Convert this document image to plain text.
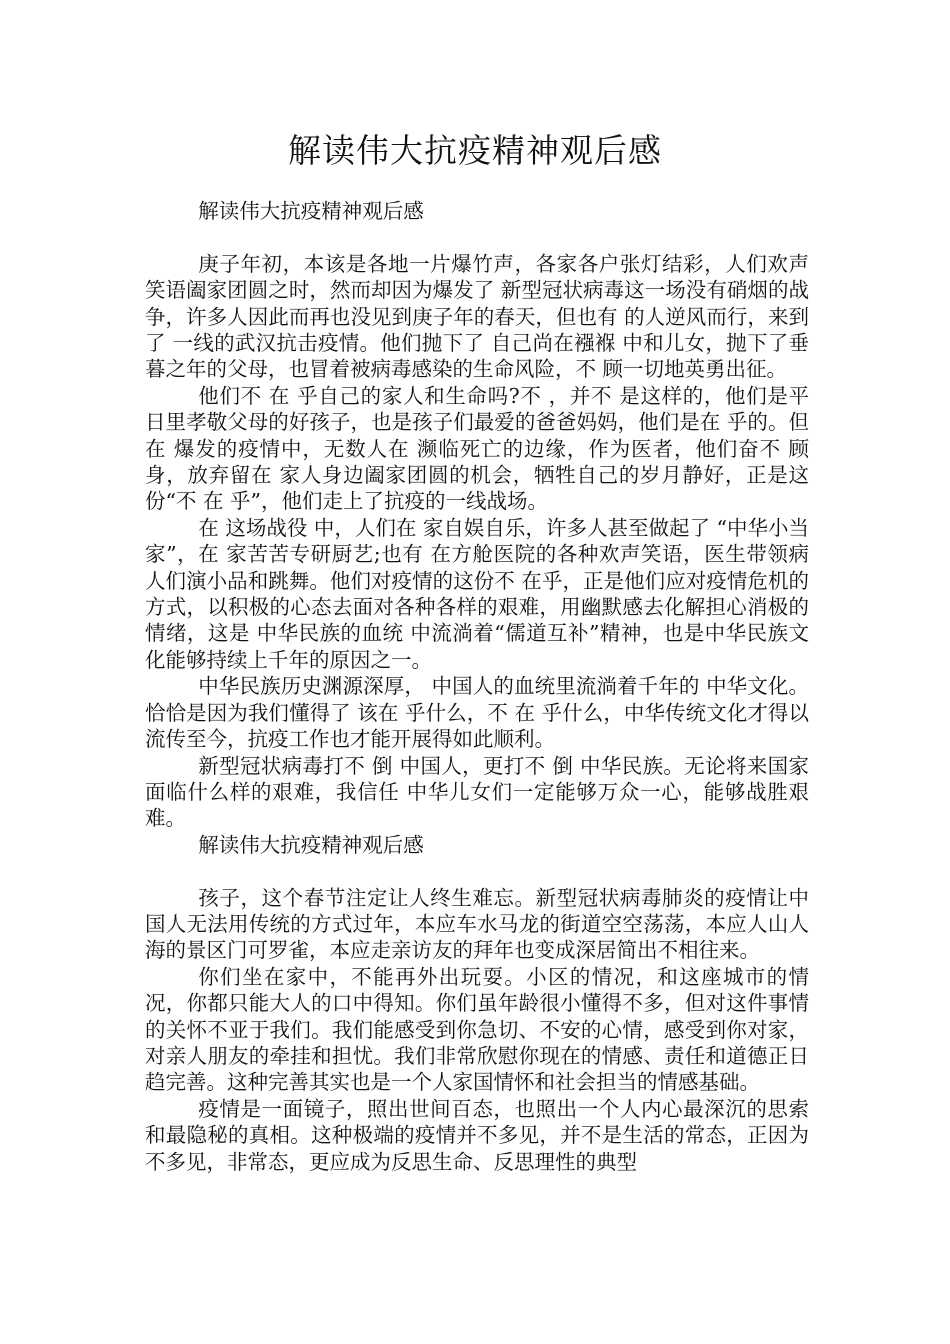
解读伟大抗疫精神观后感

解读伟大抗疫精神观后感

庚子年初，本该是各地一片爆竹声，各家各户张灯结彩，人们欢声笑语阖家团圆之时，然而却因为爆发了 新型冠状病毒这一场没有硝烟的战争，许多人因此而再也没见到庚子年的春天，但也有 的人逆风而行，来到了 一线的武汉抗击疫情。他们抛下了 自己尚在襁褓 中和儿女，抛下了垂暮之年的父母，也冒着被病毒感染的生命风险，不 顾一切地英勇出征。

他们不 在 乎自己的家人和生命吗?不 ，并不 是这样的，他们是平日里孝敬父母的好孩子，也是孩子们最爱的爸爸妈妈，他们是在 乎的。但在 爆发的疫情中，无数人在 濒临死亡的边缘，作为医者，他们奋不 顾身，放弃留在 家人身边阖家团圆的机会，牺牲自己的岁月静好，正是这份“不 在 乎”，他们走上了抗疫的一线战场。

在 这场战役 中，人们在 家自娱自乐，许多人甚至做起了 “中华小当家”，在 家苦苦专研厨艺;也有 在方舱医院的各种欢声笑语，医生带领病人们演小品和跳舞。他们对疫情的这份不 在乎，正是他们应对疫情危机的方式，以积极的心态去面对各种各样的艰难，用幽默感去化解担心消极的情绪，这是 中华民族的血统 中流淌着“儒道互补”精神，也是中华民族文化能够持续上千年的原因之一。

中华民族历史渊源深厚， 中国人的血统里流淌着千年的 中华文化。恰恰是因为我们懂得了 该在 乎什么，不 在 乎什么，中华传统文化才得以流传至今，抗疫工作也才能开展得如此顺利。

新型冠状病毒打不 倒 中国人，更打不 倒 中华民族。无论将来国家面临什么样的艰难，我信任 中华儿女们一定能够万众一心，能够战胜艰难。

解读伟大抗疫精神观后感

孩子，这个春节注定让人终生难忘。新型冠状病毒肺炎的疫情让中国人无法用传统的方式过年，本应车水马龙的街道空空荡荡，本应人山人海的景区门可罗雀，本应走亲访友的拜年也变成深居简出不相往来。

你们坐在家中，不能再外出玩耍。小区的情况，和这座城市的情况，你都只能大人的口中得知。你们虽年龄很小懂得不多，但对这件事情的关怀不亚于我们。我们能感受到你急切、不安的心情，感受到你对家，对亲人朋友的牵挂和担忧。我们非常欣慰你现在的情感、责任和道德正日趋完善。这种完善其实也是一个人家国情怀和社会担当的情感基础。

疫情是一面镜子，照出世间百态，也照出一个人内心最深沉的思索和最隐秘的真相。这种极端的疫情并不多见，并不是生活的常态，正因为不多见，非常态，更应成为反思生命、反思理性的典型
